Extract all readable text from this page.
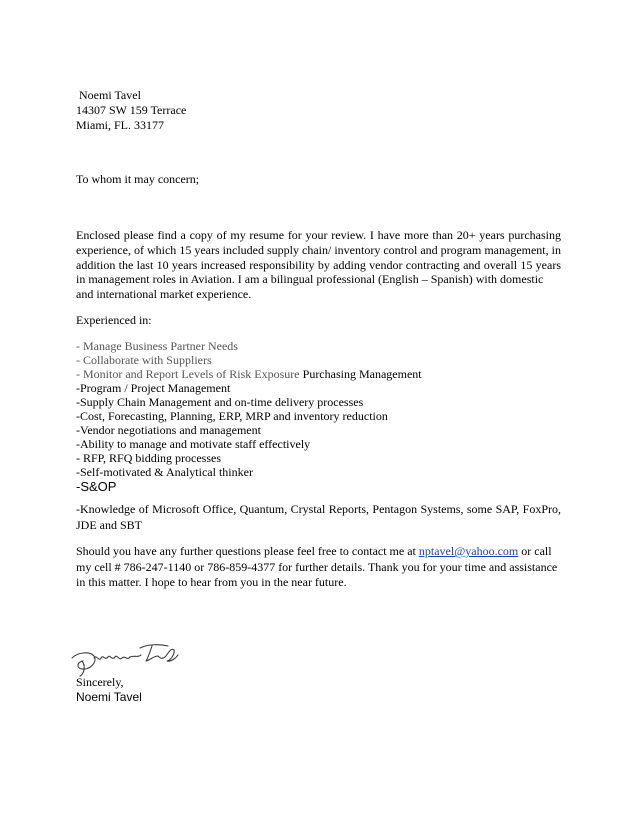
Noemi Tavel
14307 SW 159 Terrace
Miami, FL. 33177
To whom it may concern;
Enclosed please find a copy of my resume for your review. I have more than 20+ years purchasing
experience, of which 15 years included supply chain/ inventory control and program management, in
addition the last 10 years increased responsibility by adding vendor contracting and overall 15 years
in management roles in Aviation. I am a bilingual professional (English – Spanish) with domestic
and international market experience.
Experienced in:
- Manage Business Partner Needs
- Collaborate with Suppliers
- Monitor and Report Levels of Risk Exposure Purchasing Management
-Program / Project Management
-Supply Chain Management and on-time delivery processes
-Cost, Forecasting, Planning, ERP, MRP and inventory reduction
-Vendor negotiations and management
-Ability to manage and motivate staff effectively
- RFP, RFQ bidding processes
-Self-motivated & Analytical thinker
-S&OP
-Knowledge of Microsoft Office, Quantum, Crystal Reports, Pentagon Systems, some SAP, FoxPro,
JDE and SBT
Should you have any further questions please feel free to contact me at nptavel@yahoo.com or call
my cell # 786-247-1140 or 786-859-4377 for further details. Thank you for your time and assistance
in this matter. I hope to hear from you in the near future.
Sincerely,
Noemi Tavel
